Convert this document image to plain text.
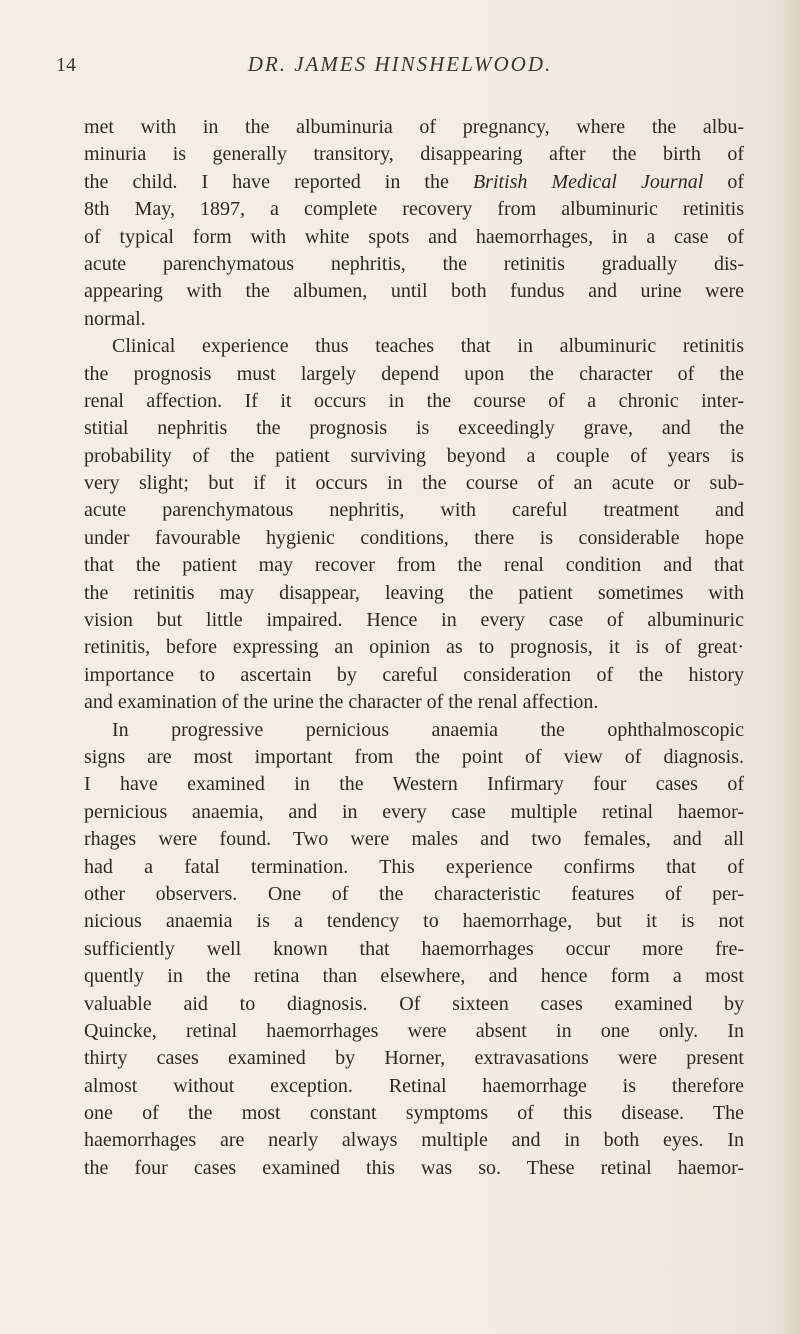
14	DR. JAMES HINSHELWOOD.
met with in the albuminuria of pregnancy, where the albu-
minuria is generally transitory, disappearing after the birth of
the child. I have reported in the British Medical Journal of
8th May, 1897, a complete recovery from albuminuric retinitis
of typical form with white spots and haemorrhages, in a case of
acute parenchymatous nephritis, the retinitis gradually dis-
appearing with the albumen, until both fundus and urine were
normal.
Clinical experience thus teaches that in albuminuric retinitis
the prognosis must largely depend upon the character of the
renal affection. If it occurs in the course of a chronic inter-
stitial nephritis the prognosis is exceedingly grave, and the
probability of the patient surviving beyond a couple of years is
very slight; but if it occurs in the course of an acute or sub-
acute parenchymatous nephritis, with careful treatment and
under favourable hygienic conditions, there is considerable hope
that the patient may recover from the renal condition and that
the retinitis may disappear, leaving the patient sometimes with
vision but little impaired. Hence in every case of albuminuric
retinitis, before expressing an opinion as to prognosis, it is of great·
importance to ascertain by careful consideration of the history
and examination of the urine the character of the renal affection.
In progressive pernicious anaemia the ophthalmoscopic
signs are most important from the point of view of diagnosis.
I have examined in the Western Infirmary four cases of
pernicious anaemia, and in every case multiple retinal haemor-
rhages were found. Two were males and two females, and all
had a fatal termination. This experience confirms that of
other observers. One of the characteristic features of per-
nicious anaemia is a tendency to haemorrhage, but it is not
sufficiently well known that haemorrhages occur more fre-
quently in the retina than elsewhere, and hence form a most
valuable aid to diagnosis. Of sixteen cases examined by
Quincke, retinal haemorrhages were absent in one only. In
thirty cases examined by Horner, extravasations were present
almost without exception. Retinal haemorrhage is therefore
one of the most constant symptoms of this disease. The
haemorrhages are nearly always multiple and in both eyes. In
the four cases examined this was so. These retinal haemor-
